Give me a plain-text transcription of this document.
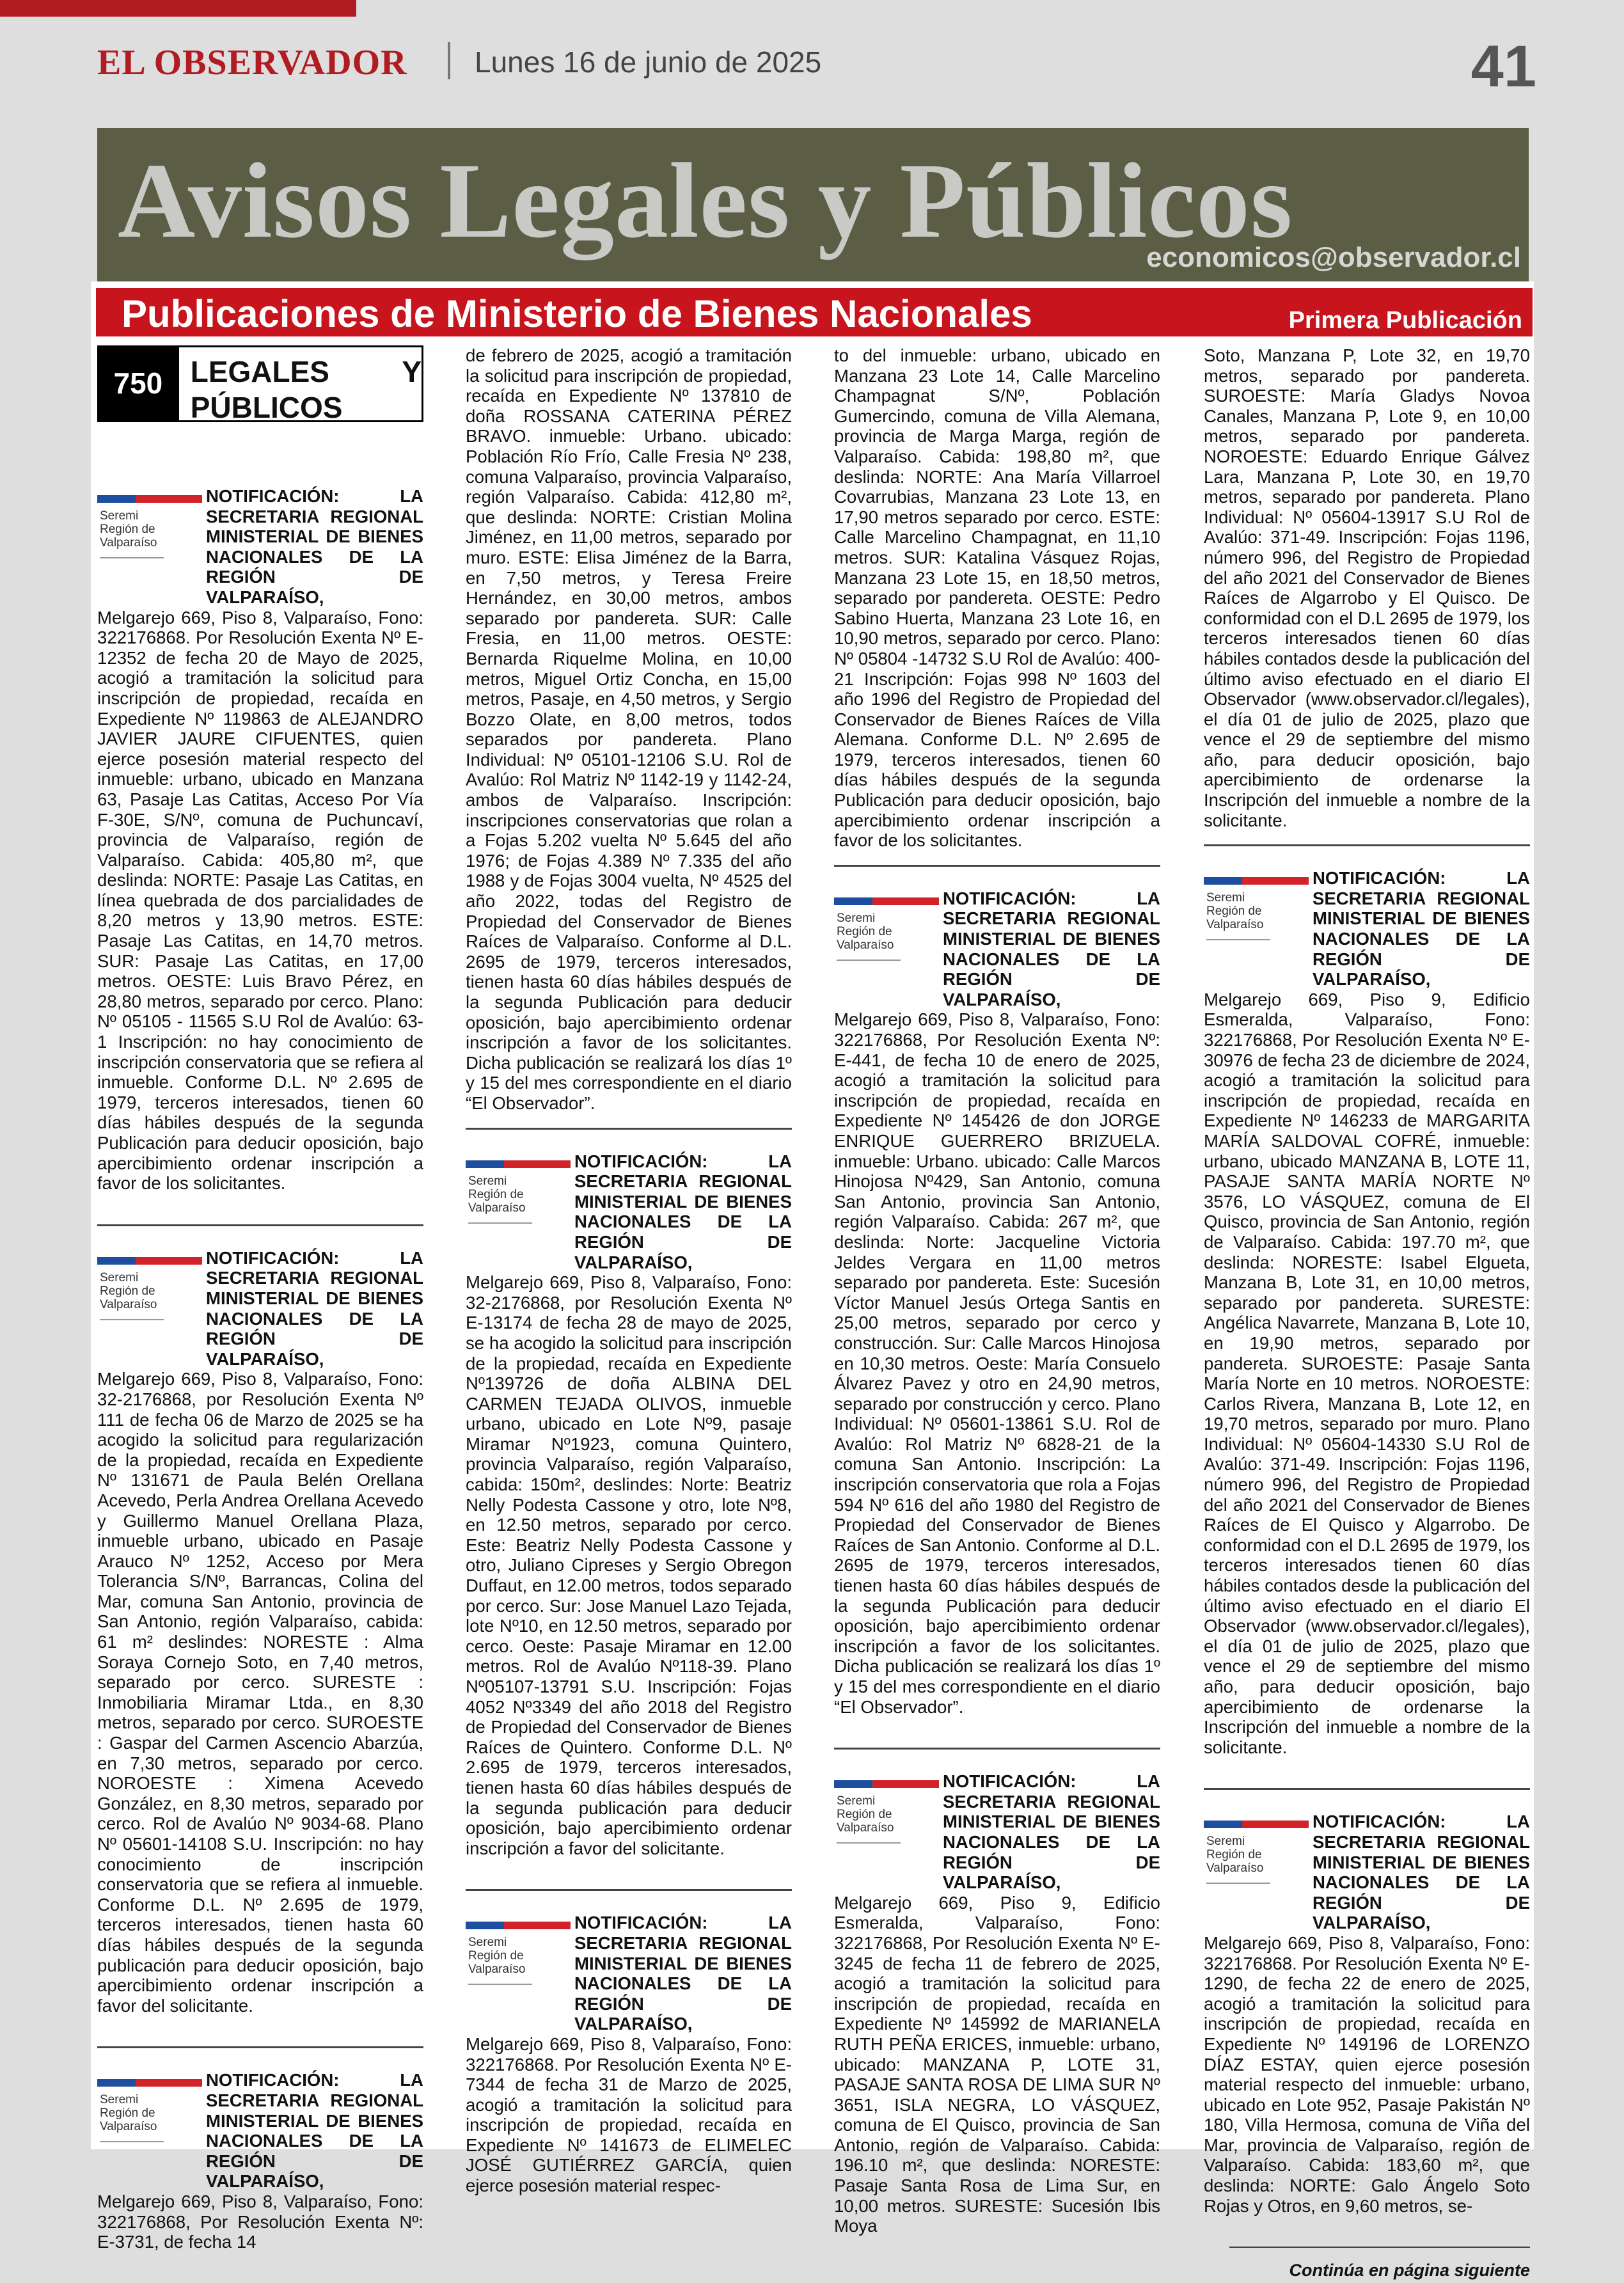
EL OBSERVADOR Lunes 16 de junio de 2025	41
Avisos Legales y Públicos
economicos@observador.cl
Publicaciones de Ministerio de Bienes Nacionales	Primera Publicación
750 LEGALES Y PÚBLICOS
Seremi
Región de
Valparaíso
NOTIFICACIÓN: LA SECRETARIA REGIONAL MINISTERIAL DE BIENES NACIONALES DE LA REGIÓN DE VALPARAÍSO,

Melgarejo 669, Piso 8, Valparaíso, Fono: 322176868. Por Resolución Exenta Nº E-12352 de fecha 20 de Mayo de 2025, acogió a tramitación la solicitud para inscripción de propiedad, recaída en Expediente Nº 119863 de ALEJANDRO JAVIER JAURE CIFUENTES, quien ejerce posesión material respecto del inmueble: urbano, ubicado en Manzana 63, Pasaje Las Catitas, Acceso Por Vía F-30E, S/Nº, comuna de Puchuncaví, provincia de Valparaíso, región de Valparaíso. Cabida: 405,80 m², que deslinda: NORTE: Pasaje Las Catitas, en línea quebrada de dos parcialidades de 8,20 metros y 13,90 metros. ESTE: Pasaje Las Catitas, en 14,70 metros. SUR: Pasaje Las Catitas, en 17,00 metros. OESTE: Luis Bravo Pérez, en 28,80 metros, separado por cerco. Plano: Nº 05105 - 11565 S.U Rol de Avalúo: 63-1 Inscripción: no hay conocimiento de inscripción conservatoria que se refiera al inmueble. Conforme D.L. Nº 2.695 de 1979, terceros interesados, tienen 60 días hábiles después de la segunda Publicación para deducir oposición, bajo apercibimiento ordenar inscripción a favor de los solicitantes.

Seremi
Región de
Valparaíso
NOTIFICACIÓN: LA SECRETARIA REGIONAL MINISTERIAL DE BIENES NACIONALES DE LA REGIÓN DE VALPARAÍSO,

Melgarejo 669, Piso 8, Valparaíso, Fono: 32-2176868, por Resolución Exenta Nº 111 de fecha 06 de Marzo de 2025 se ha acogido la solicitud para regularización de la propiedad, recaída en Expediente Nº 131671 de Paula Belén Orellana Acevedo, Perla Andrea Orellana Acevedo y Guillermo Manuel Orellana Plaza, inmueble urbano, ubicado en Pasaje Arauco Nº 1252, Acceso por Mera Tolerancia S/Nº, Barrancas, Colina del Mar, comuna San Antonio, provincia de San Antonio, región Valparaíso, cabida: 61 m² deslindes: NORESTE : Alma Soraya Cornejo Soto, en 7,40 metros, separado por cerco. SURESTE : Inmobiliaria Miramar Ltda., en 8,30 metros, separado por cerco. SUROESTE : Gaspar del Carmen Ascencio Abarzúa, en 7,30 metros, separado por cerco. NOROESTE : Ximena Acevedo González, en 8,30 metros, separado por cerco. Rol de Avalúo Nº 9034-68. Plano Nº 05601-14108 S.U. Inscripción: no hay conocimiento de inscripción conservatoria que se refiera al inmueble. Conforme D.L. Nº 2.695 de 1979, terceros interesados, tienen hasta 60 días hábiles después de la segunda publicación para deducir oposición, bajo apercibimiento ordenar inscripción a favor del solicitante.

Seremi
Región de
Valparaíso
NOTIFICACIÓN: LA SECRETARIA REGIONAL MINISTERIAL DE BIENES NACIONALES DE LA REGIÓN DE VALPARAÍSO,

Melgarejo 669, Piso 8, Valparaíso, Fono: 322176868, Por Resolución Exenta Nº: E-3731, de fecha 14

de febrero de 2025, acogió a tramitación la solicitud para inscripción de propiedad, recaída en Expediente Nº 137810 de doña ROSSANA CATERINA PÉREZ BRAVO. inmueble: Urbano. ubicado: Población Río Frío, Calle Fresia Nº 238, comuna Valparaíso, provincia Valparaíso, región Valparaíso. Cabida: 412,80 m², que deslinda: NORTE: Cristian Molina Jiménez, en 11,00 metros, separado por muro. ESTE: Elisa Jiménez de la Barra, en 7,50 metros, y Teresa Freire Hernández, en 30,00 metros, ambos separado por pandereta. SUR: Calle Fresia, en 11,00 metros. OESTE: Bernarda Riquelme Molina, en 10,00 metros, Miguel Ortiz Concha, en 15,00 metros, Pasaje, en 4,50 metros, y Sergio Bozzo Olate, en 8,00 metros, todos separados por pandereta. Plano Individual: Nº 05101-12106 S.U. Rol de Avalúo: Rol Matriz Nº 1142-19 y 1142-24, ambos de Valparaíso. Inscripción: inscripciones conservatorias que rolan a a Fojas 5.202 vuelta Nº 5.645 del año 1976; de Fojas 4.389 Nº 7.335 del año 1988 y de Fojas 3004 vuelta, Nº 4525 del año 2022, todas del Registro de Propiedad del Conservador de Bienes Raíces de Valparaíso. Conforme al D.L. 2695 de 1979, terceros interesados, tienen hasta 60 días hábiles después de la segunda Publicación para deducir oposición, bajo apercibimiento ordenar inscripción a favor de los solicitantes. Dicha publicación se realizará los días 1º y 15 del mes correspondiente en el diario “El Observador”.

Seremi
Región de
Valparaíso
NOTIFICACIÓN: LA SECRETARIA REGIONAL MINISTERIAL DE BIENES NACIONALES DE LA REGIÓN DE VALPARAÍSO,

Melgarejo 669, Piso 8, Valparaíso, Fono: 32-2176868, por Resolución Exenta Nº E-13174 de fecha 28 de mayo de 2025, se ha acogido la solicitud para inscripción de la propiedad, recaída en Expediente Nº139726 de doña ALBINA DEL CARMEN TEJADA OLIVOS, inmueble urbano, ubicado en Lote Nº9, pasaje Miramar Nº1923, comuna Quintero, provincia Valparaíso, región Valparaíso, cabida: 150m², deslindes: Norte: Beatriz Nelly Podesta Cassone y otro, lote Nº8, en 12.50 metros, separado por cerco. Este: Beatriz Nelly Podesta Cassone y otro, Juliano Cipreses y Sergio Obregon Duffaut, en 12.00 metros, todos separado por cerco. Sur: Jose Manuel Lazo Tejada, lote Nº10, en 12.50 metros, separado por cerco. Oeste: Pasaje Miramar en 12.00 metros. Rol de Avalúo Nº118-39. Plano Nº05107-13791 S.U. Inscripción: Fojas 4052 Nº3349 del año 2018 del Registro de Propiedad del Conservador de Bienes Raíces de Quintero. Conforme D.L. Nº 2.695 de 1979, terceros interesados, tienen hasta 60 días hábiles después de la segunda publicación para deducir oposición, bajo apercibimiento ordenar inscripción a favor del solicitante.

Seremi
Región de
Valparaíso
NOTIFICACIÓN: LA SECRETARIA REGIONAL MINISTERIAL DE BIENES NACIONALES DE LA REGIÓN DE VALPARAÍSO,

Melgarejo 669, Piso 8, Valparaíso, Fono: 322176868. Por Resolución Exenta Nº E-7344 de fecha 31 de Marzo de 2025, acogió a tramitación la solicitud para inscripción de propiedad, recaída en Expediente Nº 141673 de ELIMELEC JOSÉ GUTIÉRREZ GARCÍA, quien ejerce posesión material respec-

to del inmueble: urbano, ubicado en Manzana 23 Lote 14, Calle Marcelino Champagnat S/Nº, Población Gumercindo, comuna de Villa Alemana, provincia de Marga Marga, región de Valparaíso. Cabida: 198,80 m², que deslinda: NORTE: Ana María Villarroel Covarrubias, Manzana 23 Lote 13, en 17,90 metros separado por cerco. ESTE: Calle Marcelino Champagnat, en 11,10 metros. SUR: Katalina Vásquez Rojas, Manzana 23 Lote 15, en 18,50 metros, separado por pandereta. OESTE: Pedro Sabino Huerta, Manzana 23 Lote 16, en 10,90 metros, separado por cerco. Plano: Nº 05804 -14732 S.U Rol de Avalúo: 400-21 Inscripción: Fojas 998 Nº 1603 del año 1996 del Registro de Propiedad del Conservador de Bienes Raíces de Villa Alemana. Conforme D.L. Nº 2.695 de 1979, terceros interesados, tienen 60 días hábiles después de la segunda Publicación para deducir oposición, bajo apercibimiento ordenar inscripción a favor de los solicitantes.

Seremi
Región de
Valparaíso
NOTIFICACIÓN: LA SECRETARIA REGIONAL MINISTERIAL DE BIENES NACIONALES DE LA REGIÓN DE VALPARAÍSO,

Melgarejo 669, Piso 8, Valparaíso, Fono: 322176868, Por Resolución Exenta Nº: E-441, de fecha 10 de enero de 2025, acogió a tramitación la solicitud para inscripción de propiedad, recaída en Expediente Nº 145426 de don JORGE ENRIQUE GUERRERO BRIZUELA. inmueble: Urbano. ubicado: Calle Marcos Hinojosa Nº429, San Antonio, comuna San Antonio, provincia San Antonio, región Valparaíso. Cabida: 267 m², que deslinda: Norte: Jacqueline Victoria Jeldes Vergara en 11,00 metros separado por pandereta. Este: Sucesión Víctor Manuel Jesús Ortega Santis en 25,00 metros, separado por cerco y construcción. Sur: Calle Marcos Hinojosa en 10,30 metros. Oeste: María Consuelo Álvarez Pavez y otro en 24,90 metros, separado por construcción y cerco. Plano Individual: Nº 05601-13861 S.U. Rol de Avalúo: Rol Matriz Nº 6828-21 de la comuna San Antonio. Inscripción: La inscripción conservatoria que rola a Fojas 594 Nº 616 del año 1980 del Registro de Propiedad del Conservador de Bienes Raíces de San Antonio. Conforme al D.L. 2695 de 1979, terceros interesados, tienen hasta 60 días hábiles después de la segunda Publicación para deducir oposición, bajo apercibimiento ordenar inscripción a favor de los solicitantes. Dicha publicación se realizará los días 1º y 15 del mes correspondiente en el diario “El Observador”.

Seremi
Región de
Valparaíso
NOTIFICACIÓN: LA SECRETARIA REGIONAL MINISTERIAL DE BIENES NACIONALES DE LA REGIÓN DE VALPARAÍSO,

Melgarejo 669, Piso 9, Edificio Esmeralda, Valparaíso, Fono: 322176868, Por Resolución Exenta Nº E-3245 de fecha 11 de febrero de 2025, acogió a tramitación la solicitud para inscripción de propiedad, recaída en Expediente Nº 145992 de MARIANELA RUTH PEÑA ERICES, inmueble: urbano, ubicado: MANZANA P, LOTE 31, PASAJE SANTA ROSA DE LIMA SUR Nº 3651, ISLA NEGRA, LO VÁSQUEZ, comuna de El Quisco, provincia de San Antonio, región de Valparaíso. Cabida: 196.10 m², que deslinda: NORESTE: Pasaje Santa Rosa de Lima Sur, en 10,00 metros. SURESTE: Sucesión Ibis Moya

Soto, Manzana P, Lote 32, en 19,70 metros, separado por pandereta. SUROESTE: María Gladys Novoa Canales, Manzana P, Lote 9, en 10,00 metros, separado por pandereta. NOROESTE: Eduardo Enrique Gálvez Lara, Manzana P, Lote 30, en 19,70 metros, separado por pandereta. Plano Individual: Nº 05604-13917 S.U Rol de Avalúo: 371-49. Inscripción: Fojas 1196, número 996, del Registro de Propiedad del año 2021 del Conservador de Bienes Raíces de Algarrobo y El Quisco. De conformidad con el D.L 2695 de 1979, los terceros interesados tienen 60 días hábiles contados desde la publicación del último aviso efectuado en el diario El Observador (www.observador.cl/legales), el día 01 de julio de 2025, plazo que vence el 29 de septiembre del mismo año, para deducir oposición, bajo apercibimiento de ordenarse la Inscripción del inmueble a nombre de la solicitante.

Seremi
Región de
Valparaíso
NOTIFICACIÓN: LA SECRETARIA REGIONAL MINISTERIAL DE BIENES NACIONALES DE LA REGIÓN DE VALPARAÍSO,

Melgarejo 669, Piso 9, Edificio Esmeralda, Valparaíso, Fono: 322176868, Por Resolución Exenta Nº E-30976 de fecha 23 de diciembre de 2024, acogió a tramitación la solicitud para inscripción de propiedad, recaída en Expediente Nº 146233 de MARGARITA MARÍA SALDOVAL COFRÉ, inmueble: urbano, ubicado MANZANA B, LOTE 11, PASAJE SANTA MARÍA NORTE Nº 3576, LO VÁSQUEZ, comuna de El Quisco, provincia de San Antonio, región de Valparaíso. Cabida: 197.70 m², que deslinda: NORESTE: Isabel Elgueta, Manzana B, Lote 31, en 10,00 metros, separado por pandereta. SURESTE: Angélica Navarrete, Manzana B, Lote 10, en 19,90 metros, separado por pandereta. SUROESTE: Pasaje Santa María Norte en 10 metros. NOROESTE: Carlos Rivera, Manzana B, Lote 12, en 19,70 metros, separado por muro. Plano Individual: Nº 05604-14330 S.U Rol de Avalúo: 371-49. Inscripción: Fojas 1196, número 996, del Registro de Propiedad del año 2021 del Conservador de Bienes Raíces de El Quisco y Algarrobo. De conformidad con el D.L 2695 de 1979, los terceros interesados tienen 60 días hábiles contados desde la publicación del último aviso efectuado en el diario El Observador (www.observador.cl/legales), el día 01 de julio de 2025, plazo que vence el 29 de septiembre del mismo año, para deducir oposición, bajo apercibimiento de ordenarse la Inscripción del inmueble a nombre de la solicitante.

Seremi
Región de
Valparaíso
NOTIFICACIÓN: LA SECRETARIA REGIONAL MINISTERIAL DE BIENES NACIONALES DE LA REGIÓN DE VALPARAÍSO,

Melgarejo 669, Piso 8, Valparaíso, Fono: 322176868. Por Resolución Exenta Nº E-1290, de fecha 22 de enero de 2025, acogió a tramitación la solicitud para inscripción de propiedad, recaída en Expediente Nº 149196 de LORENZO DÍAZ ESTAY, quien ejerce posesión material respecto del inmueble: urbano, ubicado en Lote 952, Pasaje Pakistán Nº 180, Villa Hermosa, comuna de Viña del Mar, provincia de Valparaíso, región de Valparaíso. Cabida: 183,60 m², que deslinda: NORTE: Galo Ángelo Soto Rojas y Otros, en 9,60 metros, se-

Continúa en página siguiente
